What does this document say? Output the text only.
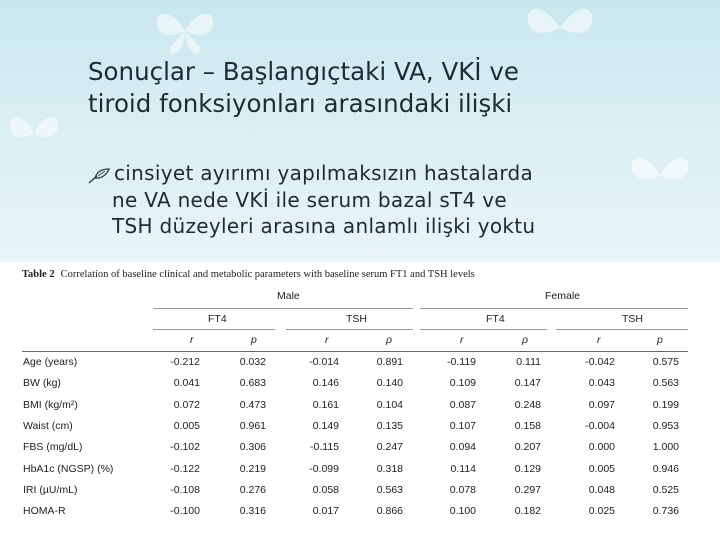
Sonuçlar – Başlangıçtaki VA, VKİ ve
tiroid fonksiyonları arasındaki ilişki
cinsiyet ayırımı yapılmaksızın hastalarda
ne VA nede VKİ ile serum bazal sT4 ve
TSH düzeyleri arasına anlamlı ilişki yoktu
Table 2 Correlation of baseline clinical and metabolic parameters with baseline serum FT1 and TSH levels
Male	Female
FT4	TSH	FT4	TSH
r	p	r	ρ	r	ρ	r	p
Age (years)	-0.212	0.032	-0.014	0.891	-0.119	0.111	-0.042	0.575
BW (kg)	0.041	0.683	0.146	0.140	0.109	0.147	0.043	0.563
BMI (kg/m²)	0.072	0.473	0.161	0.104	0.087	0.248	0.097	0.199
Waist (cm)	0.005	0.961	0.149	0.135	0.107	0.158	-0.004	0.953
FBS (mg/dL)	-0.102	0.306	-0.115	0.247	0.094	0.207	0.000	1.000
HbA1c (NGSP) (%)	-0.122	0.219	-0.099	0.318	0.114	0.129	0.005	0.946
IRI (µU/mL)	-0.108	0.276	0.058	0.563	0.078	0.297	0.048	0.525
HOMA-R	-0.100	0.316	0.017	0.866	0.100	0.182	0.025	0.736
